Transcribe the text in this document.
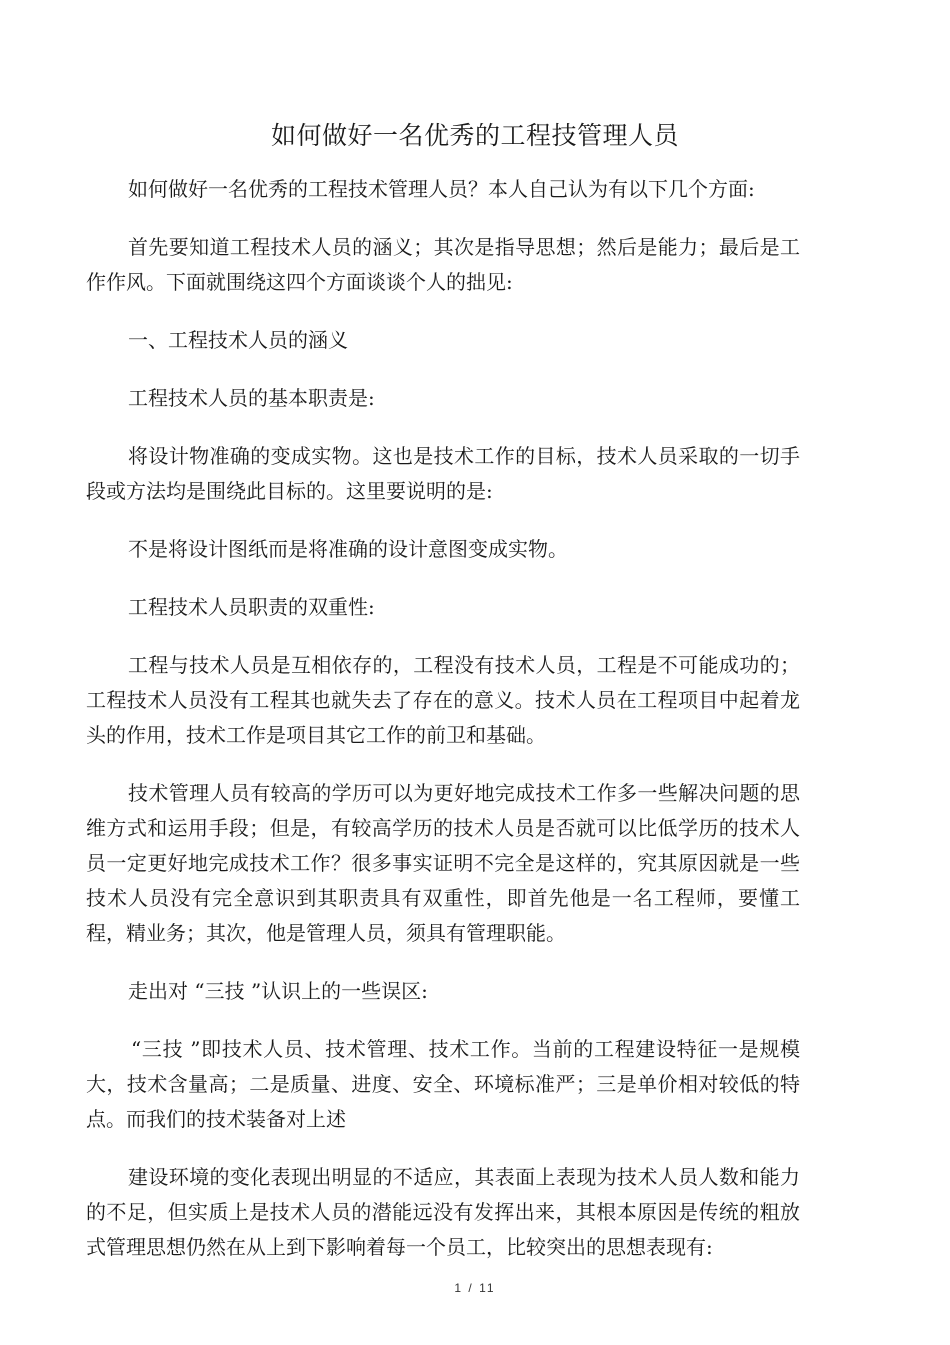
如何做好一名优秀的工程技管理人员

如何做好一名优秀的工程技术管理人员？本人自己认为有以下几个方面:

首先要知道工程技术人员的涵义；其次是指导思想；然后是能力；最后是工作作风。下面就围绕这四个方面谈谈个人的拙见:

一、工程技术人员的涵义

工程技术人员的基本职责是:

将设计物准确的变成实物。这也是技术工作的目标，技术人员采取的一切手段或方法均是围绕此目标的。这里要说明的是:

不是将设计图纸而是将准确的设计意图变成实物。

工程技术人员职责的双重性:

工程与技术人员是互相依存的，工程没有技术人员，工程是不可能成功的；工程技术人员没有工程其也就失去了存在的意义。技术人员在工程项目中起着龙头的作用，技术工作是项目其它工作的前卫和基础。

技术管理人员有较高的学历可以为更好地完成技术工作多一些解决问题的思维方式和运用手段；但是，有较高学历的技术人员是否就可以比低学历的技术人员一定更好地完成技术工作？很多事实证明不完全是这样的，究其原因就是一些技术人员没有完全意识到其职责具有双重性，即首先他是一名工程师，要懂工程，精业务；其次，他是管理人员，须具有管理职能。

走出对 “三技 ”认识上的一些误区:

“三技 ”即技术人员、技术管理、技术工作。当前的工程建设特征一是规模大，技术含量高；二是质量、进度、安全、环境标准严；三是单价相对较低的特点。而我们的技术装备对上述

建设环境的变化表现出明显的不适应，其表面上表现为技术人员人数和能力的不足，但实质上是技术人员的潜能远没有发挥出来，其根本原因是传统的粗放式管理思想仍然在从上到下影响着每一个员工，比较突出的思想表现有:

1 / 11
